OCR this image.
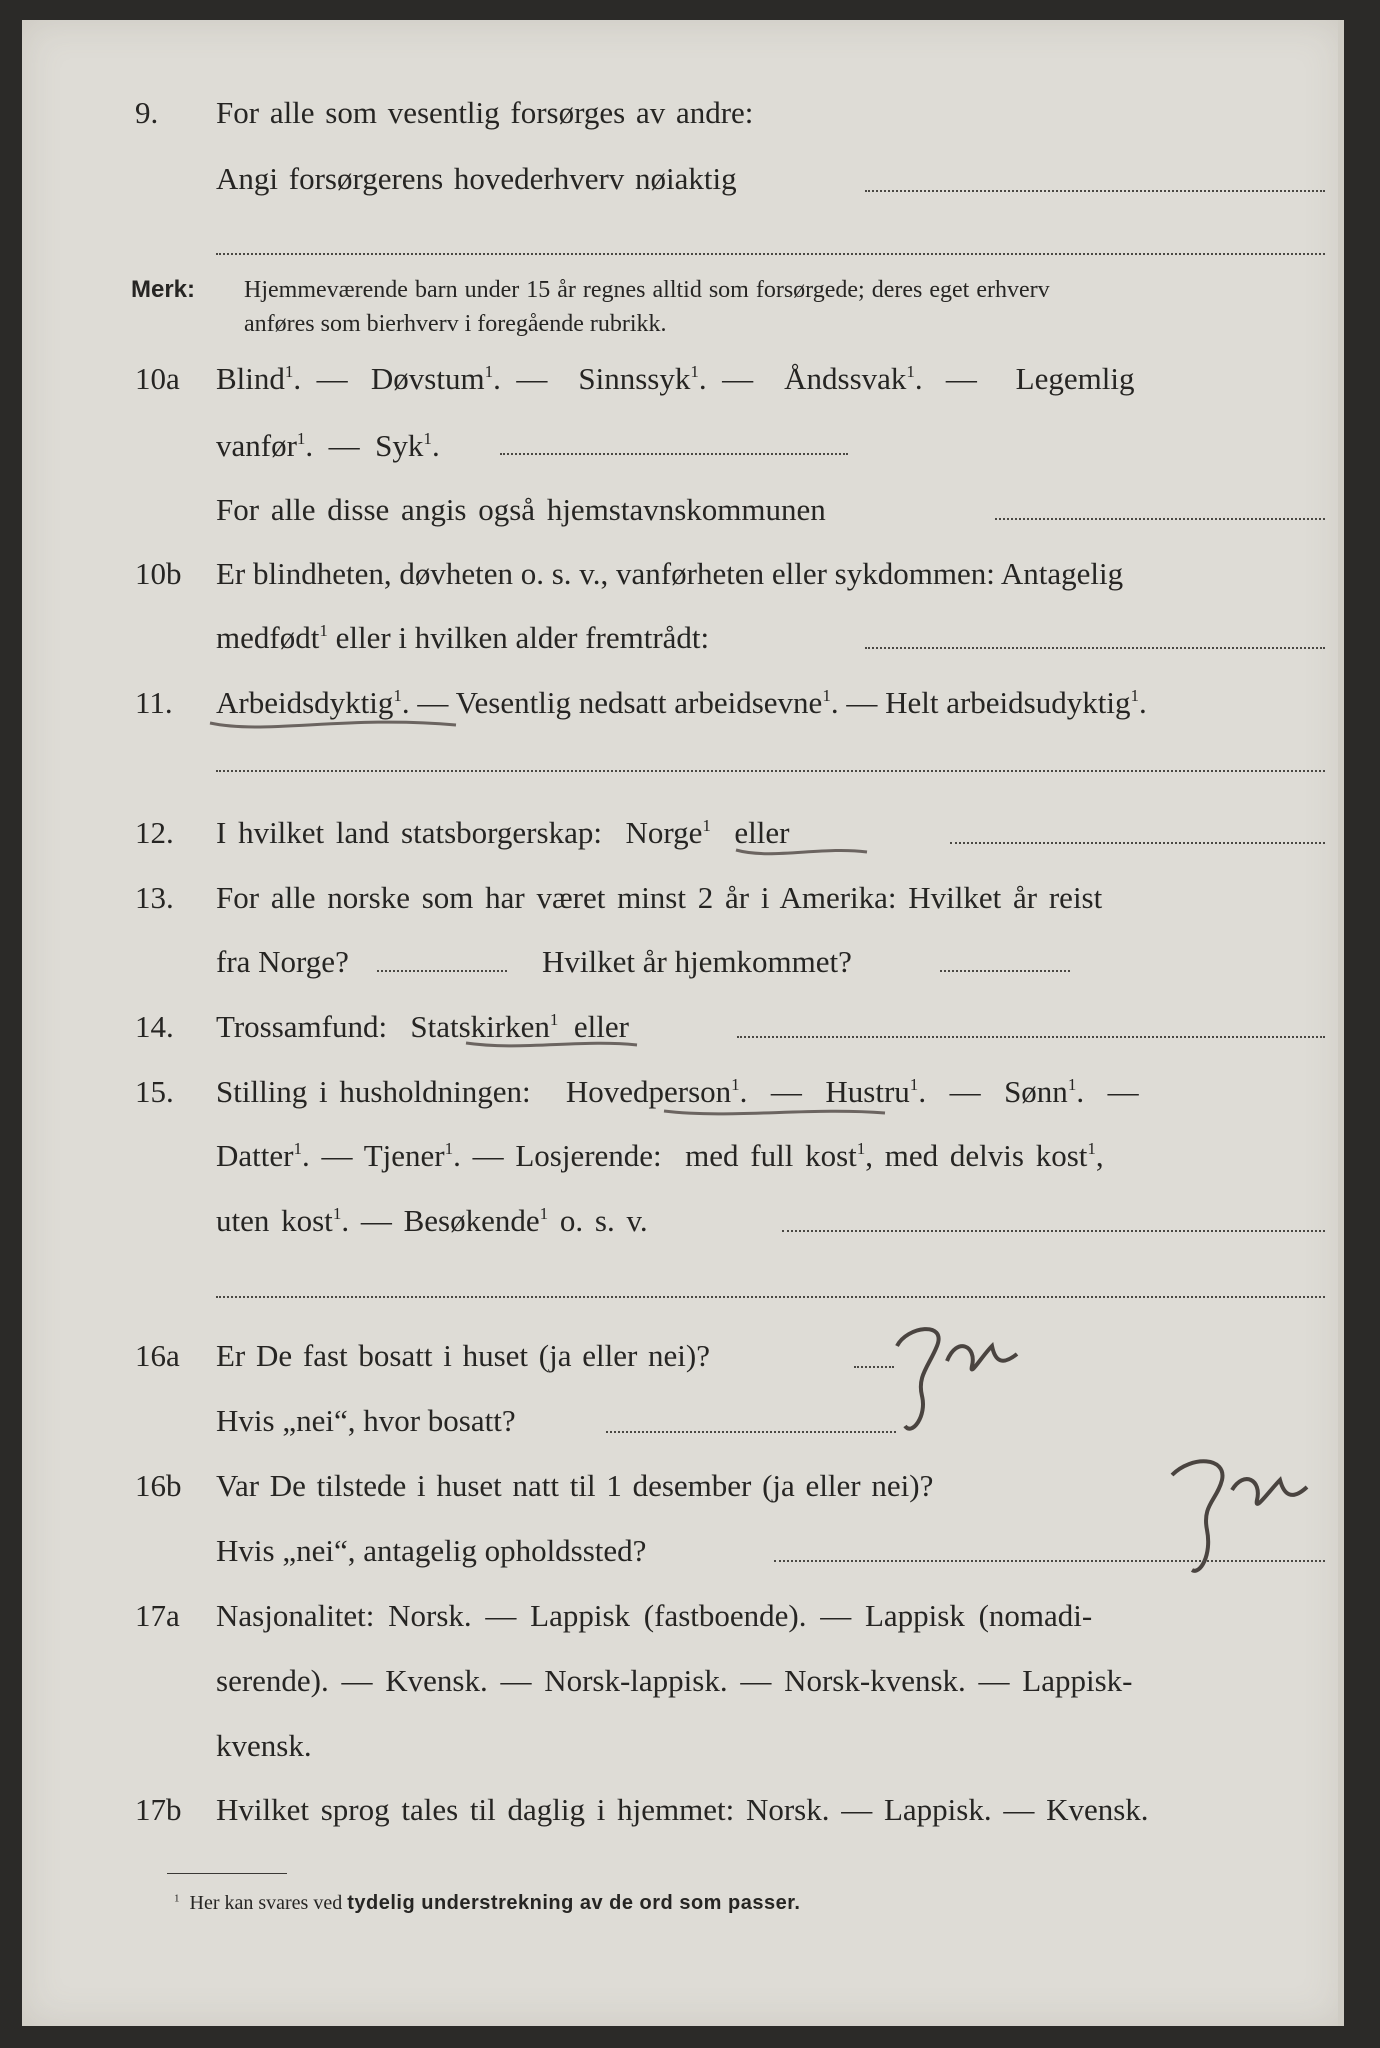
9. For alle som vesentlig forsørges av andre:
Angi forsørgerens hovederhverv nøiaktig
Merk: Hjemmeværende barn under 15 år regnes alltid som forsørgede; deres eget erhverv
anføres som bierhverv i foregående rubrikk.
10a Blind$^1$.  — Døvstum$^1$.  — Sinnssyk$^1$.  — Åndssvak$^1$.   — Legemlig
vanfør$^1$.  — Syk$^1$.
For alle disse angis også hjemstavnskommunen
10b Er blindheten, døvheten o. s. v., vanførheten eller sykdommen: Antagelig
medfødt$^1$ eller i hvilken alder fremtrådt:
11. Arbeidsdyktig$^1$. — Vesentlig nedsatt arbeidsevne$^1$. — Helt arbeidsudyktig$^1$.
12. I hvilket land statsborgerskap: Norge$^1$ eller
13. For alle norske som har været minst 2 år i Amerika: Hvilket år reist
fra Norge?	Hvilket år hjemkommet?
14. Trossamfund: Statskirken$^1$ eller
15. Stilling i husholdningen: Hovedperson$^1$.  — Hustru$^1$.  — Sønn$^1$.  —
Datter$^1$. — Tjener$^1$. — Losjerende: med full kost$^1$, med delvis kost$^1$,
uten kost$^1$. — Besøkende$^1$ o. s. v.
16a Er De fast bosatt i huset (ja eller nei)?
Hvis „nei“, hvor bosatt?
16b Var De tilstede i huset natt til 1 desember (ja eller nei)?
Hvis „nei“, antagelig opholdssted?
17a Nasjonalitet: Norsk. — Lappisk (fastboende). — Lappisk (nomadi-
serende). — Kvensk. — Norsk-lappisk. — Norsk-kvensk. — Lappisk-
kvensk.
17b Hvilket sprog tales til daglig i hjemmet: Norsk. — Lappisk. — Kvensk.
$^1$ Her kan svares ved tydelig understrekning av de ord som passer.
